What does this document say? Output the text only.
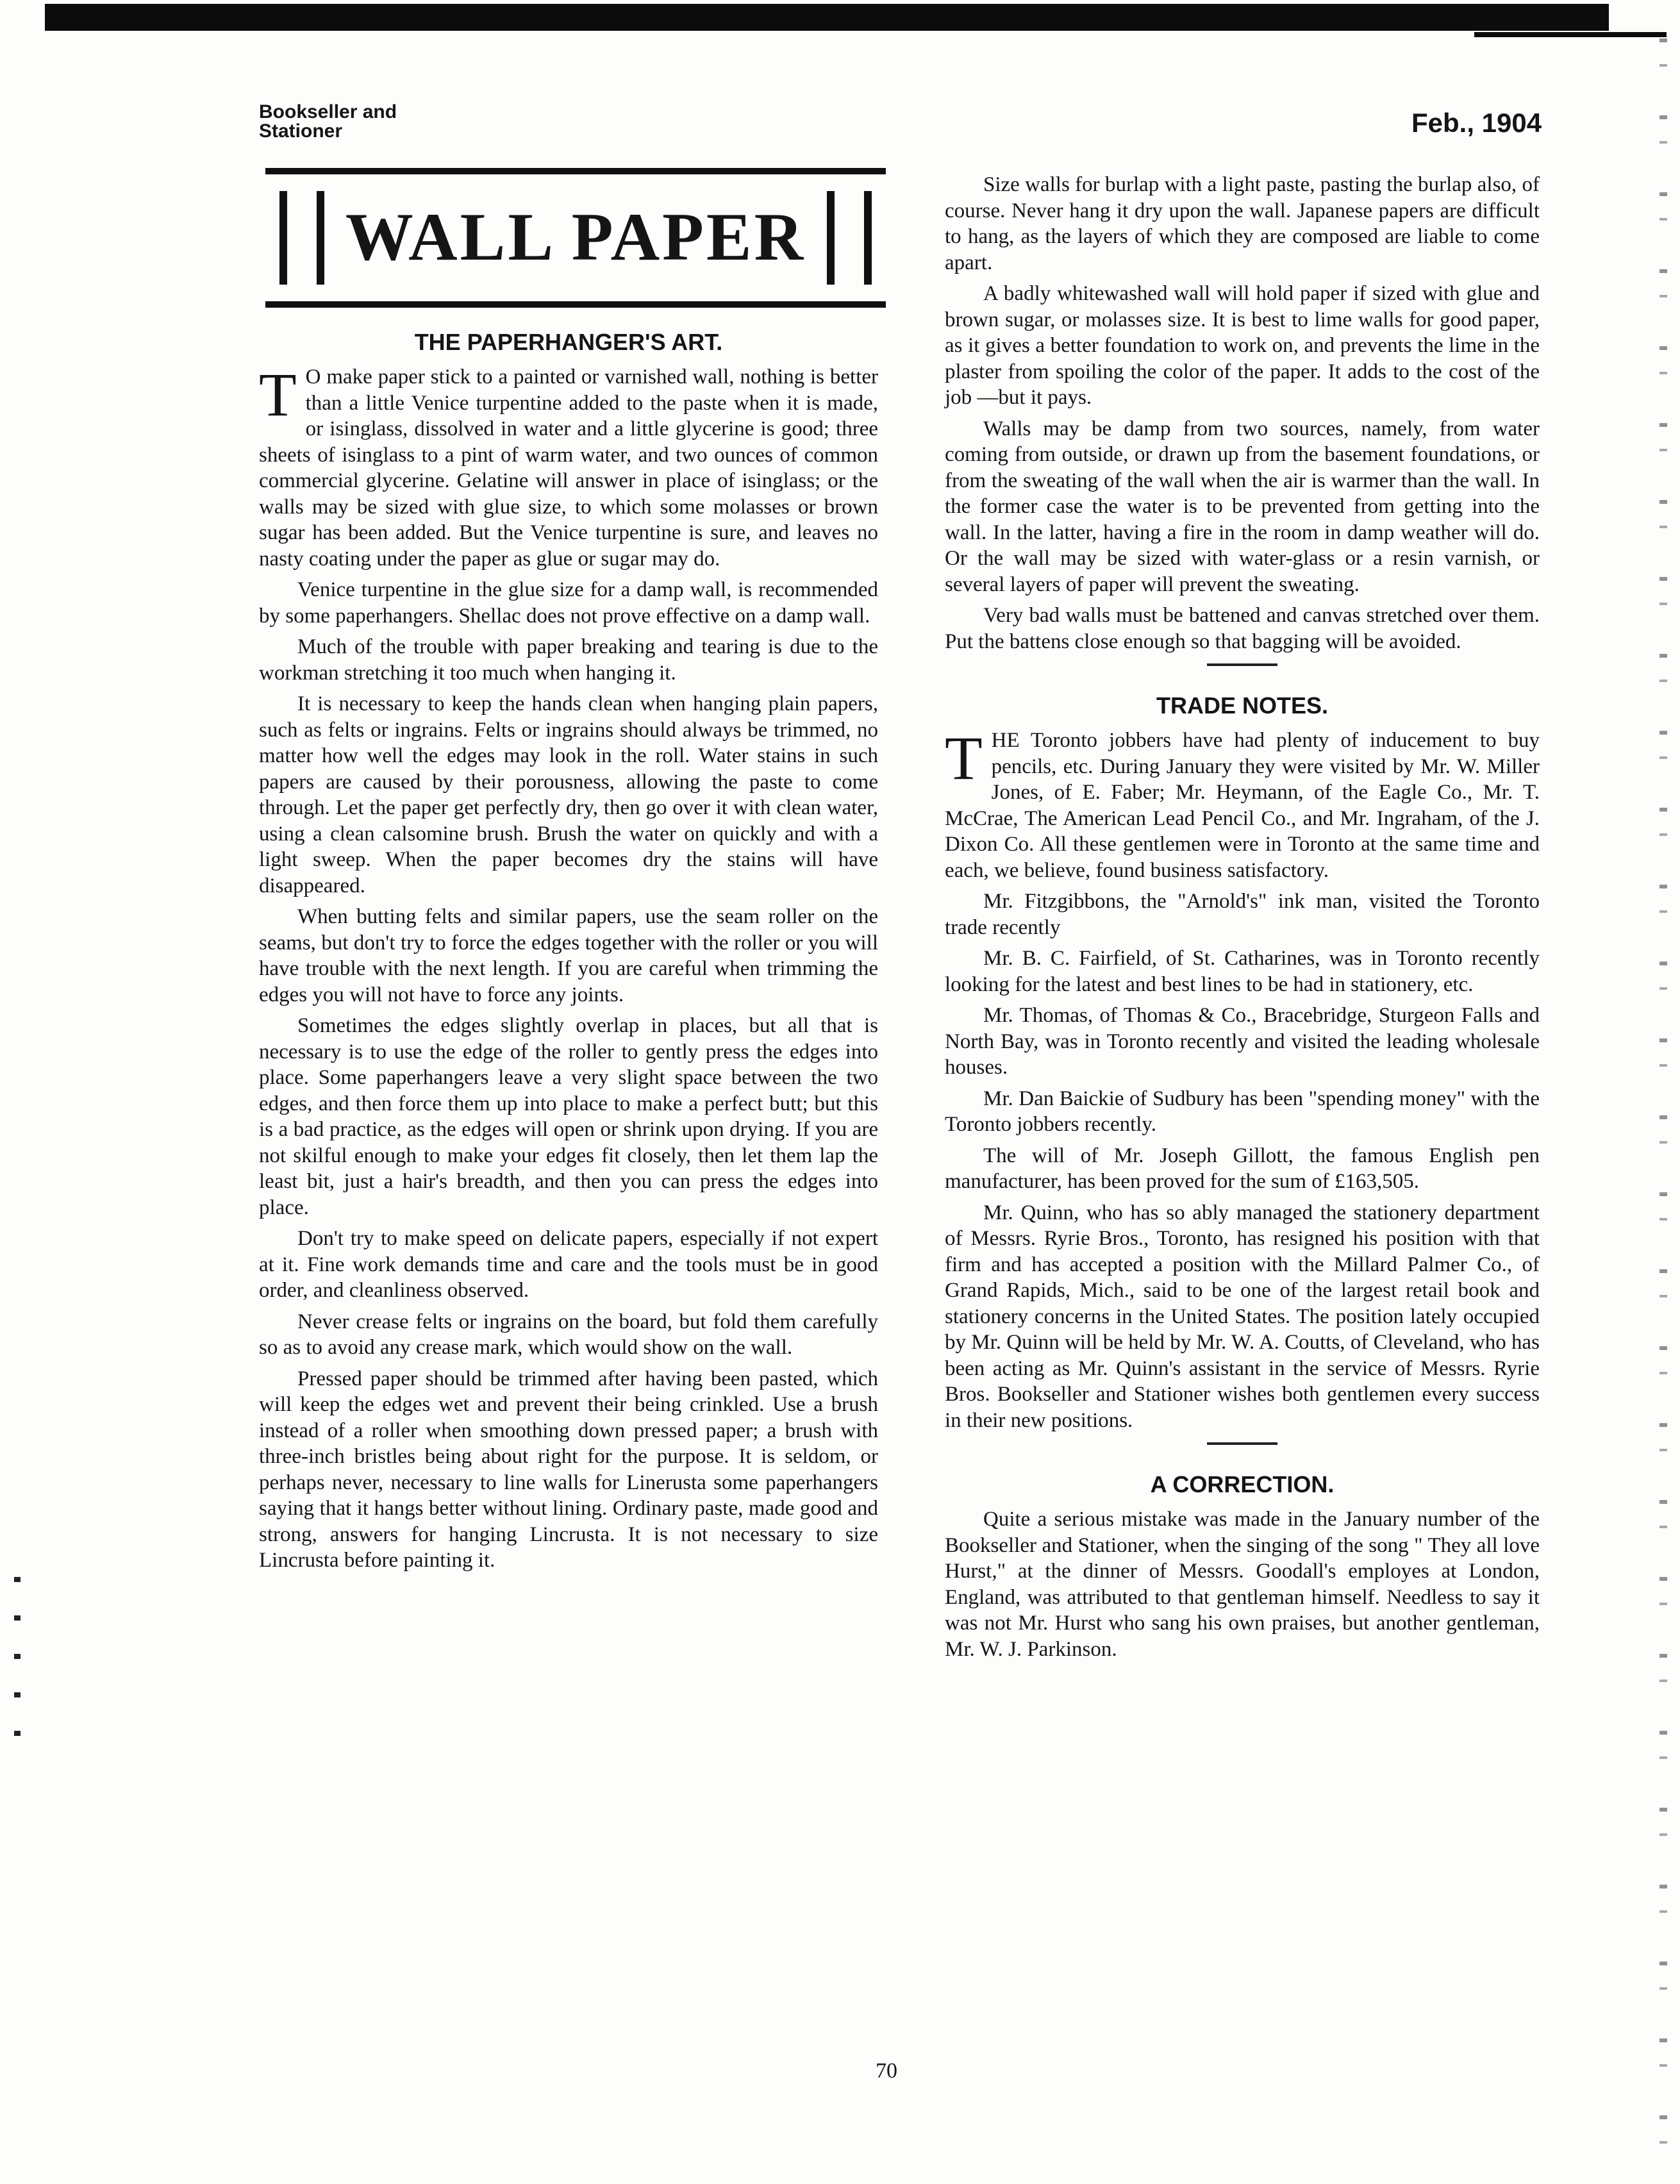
Bookseller and
Stationer	Feb., 1904
WALL PAPER
THE PAPERHANGER'S ART.

T O make paper stick to a painted or varnished wall, nothing is better than a little Venice turpentine added to the paste when it is made, or isinglass, dissolved in water and a little glycerine is good; three sheets of isinglass to a pint of warm water, and two ounces of common commercial glycerine. Gelatine will answer in place of isinglass; or the walls may be sized with glue size, to which some molasses or brown sugar has been added. But the Venice turpentine is sure, and leaves no nasty coating under the paper as glue or sugar may do.

Venice turpentine in the glue size for a damp wall, is recommended by some paperhangers. Shellac does not prove effective on a damp wall.

Much of the trouble with paper breaking and tearing is due to the workman stretching it too much when hanging it.

It is necessary to keep the hands clean when hanging plain papers, such as felts or ingrains. Felts or ingrains should always be trimmed, no matter how well the edges may look in the roll. Water stains in such papers are caused by their porousness, allowing the paste to come through. Let the paper get perfectly dry, then go over it with clean water, using a clean calsomine brush. Brush the water on quickly and with a light sweep. When the paper becomes dry the stains will have disappeared.

When butting felts and similar papers, use the seam roller on the seams, but don't try to force the edges together with the roller or you will have trouble with the next length. If you are careful when trimming the edges you will not have to force any joints.

Sometimes the edges slightly overlap in places, but all that is necessary is to use the edge of the roller to gently press the edges into place. Some paperhangers leave a very slight space between the two edges, and then force them up into place to make a perfect butt; but this is a bad practice, as the edges will open or shrink upon drying. If you are not skilful enough to make your edges fit closely, then let them lap the least bit, just a hair's breadth, and then you can press the edges into place.

Don't try to make speed on delicate papers, especially if not expert at it. Fine work demands time and care and the tools must be in good order, and cleanliness observed.

Never crease felts or ingrains on the board, but fold them carefully so as to avoid any crease mark, which would show on the wall.

Pressed paper should be trimmed after having been pasted, which will keep the edges wet and prevent their being crinkled. Use a brush instead of a roller when smoothing down pressed paper; a brush with three-inch bristles being about right for the purpose. It is seldom, or perhaps never, necessary to line walls for Linerusta some paperhangers saying that it hangs better without lining. Ordinary paste, made good and strong, answers for hanging Lincrusta. It is not necessary to size Lincrusta before painting it.

Size walls for burlap with a light paste, pasting the burlap also, of course. Never hang it dry upon the wall. Japanese papers are difficult to hang, as the layers of which they are composed are liable to come apart.

A badly whitewashed wall will hold paper if sized with glue and brown sugar, or molasses size. It is best to lime walls for good paper, as it gives a better foundation to work on, and prevents the lime in the plaster from spoiling the color of the paper. It adds to the cost of the job —but it pays.

Walls may be damp from two sources, namely, from water coming from outside, or drawn up from the basement foundations, or from the sweating of the wall when the air is warmer than the wall. In the former case the water is to be prevented from getting into the wall. In the latter, having a fire in the room in damp weather will do. Or the wall may be sized with water-glass or a resin varnish, or several layers of paper will prevent the sweating.

Very bad walls must be battened and canvas stretched over them. Put the battens close enough so that bagging will be avoided.

TRADE NOTES.

THE Toronto jobbers have had plenty of inducement to buy pencils, etc. During January they were visited by Mr. W. Miller Jones, of E. Faber; Mr. Heymann, of the Eagle Co., Mr. T. McCrae, The American Lead Pencil Co., and Mr. Ingraham, of the J. Dixon Co. All these gentlemen were in Toronto at the same time and each, we believe, found business satisfactory.

Mr. Fitzgibbons, the "Arnold's" ink man, visited the Toronto trade recently

Mr. B. C. Fairfield, of St. Catharines, was in Toronto recently looking for the latest and best lines to be had in stationery, etc.

Mr. Thomas, of Thomas & Co., Bracebridge, Sturgeon Falls and North Bay, was in Toronto recently and visited the leading wholesale houses.

Mr. Dan Baickie of Sudbury has been "spending money" with the Toronto jobbers recently.

The will of Mr. Joseph Gillott, the famous English pen manufacturer, has been proved for the sum of £163,505.

Mr. Quinn, who has so ably managed the stationery department of Messrs. Ryrie Bros., Toronto, has resigned his position with that firm and has accepted a position with the Millard Palmer Co., of Grand Rapids, Mich., said to be one of the largest retail book and stationery concerns in the United States. The position lately occupied by Mr. Quinn will be held by Mr. W. A. Coutts, of Cleveland, who has been acting as Mr. Quinn's assistant in the service of Messrs. Ryrie Bros. Bookseller and Stationer wishes both gentlemen every success in their new positions.

A CORRECTION.

Quite a serious mistake was made in the January number of the Bookseller and Stationer, when the singing of the song " They all love Hurst," at the dinner of Messrs. Goodall's employes at London, England, was attributed to that gentleman himself. Needless to say it was not Mr. Hurst who sang his own praises, but another gentleman, Mr. W. J. Parkinson.

70
